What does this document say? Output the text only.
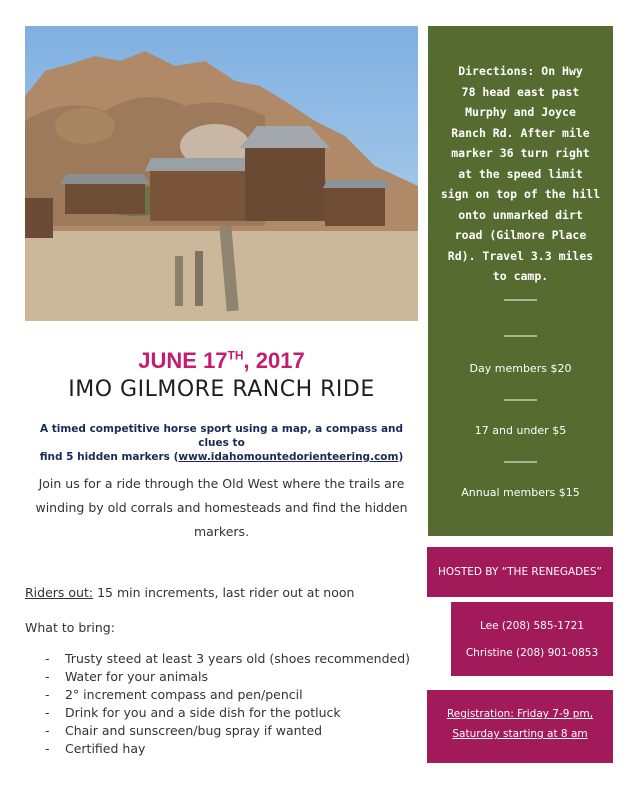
JUNE 17TH, 2017
IMO GILMORE RANCH RIDE
A timed competitive horse sport using a map, a compass and clues to
find 5 hidden markers (www.idahomountedorienteering.com)
Join us for a ride through the Old West where the trails are
winding by old corrals and homesteads and find the hidden
markers.
Riders out: 15 min increments, last rider out at noon
What to bring:
- Trusty steed at least 3 years old (shoes recommended)
- Water for your animals
- 2° increment compass and pen/pencil
- Drink for you and a side dish for the potluck
- Chair and sunscreen/bug spray if wanted
- Certified hay
Directions: On Hwy
78 head east past
Murphy and Joyce
Ranch Rd. After mile
marker 36 turn right
at the speed limit
sign on top of the hill
onto unmarked dirt
road (Gilmore Place
Rd). Travel 3.3 miles
to camp.
______
______
Day members $20
______
17 and under $5
______
Annual members $15
HOSTED BY “THE RENEGADES”
Lee (208) 585-1721
Christine (208) 901-0853
Registration: Friday 7-9 pm,
Saturday starting at 8 am
